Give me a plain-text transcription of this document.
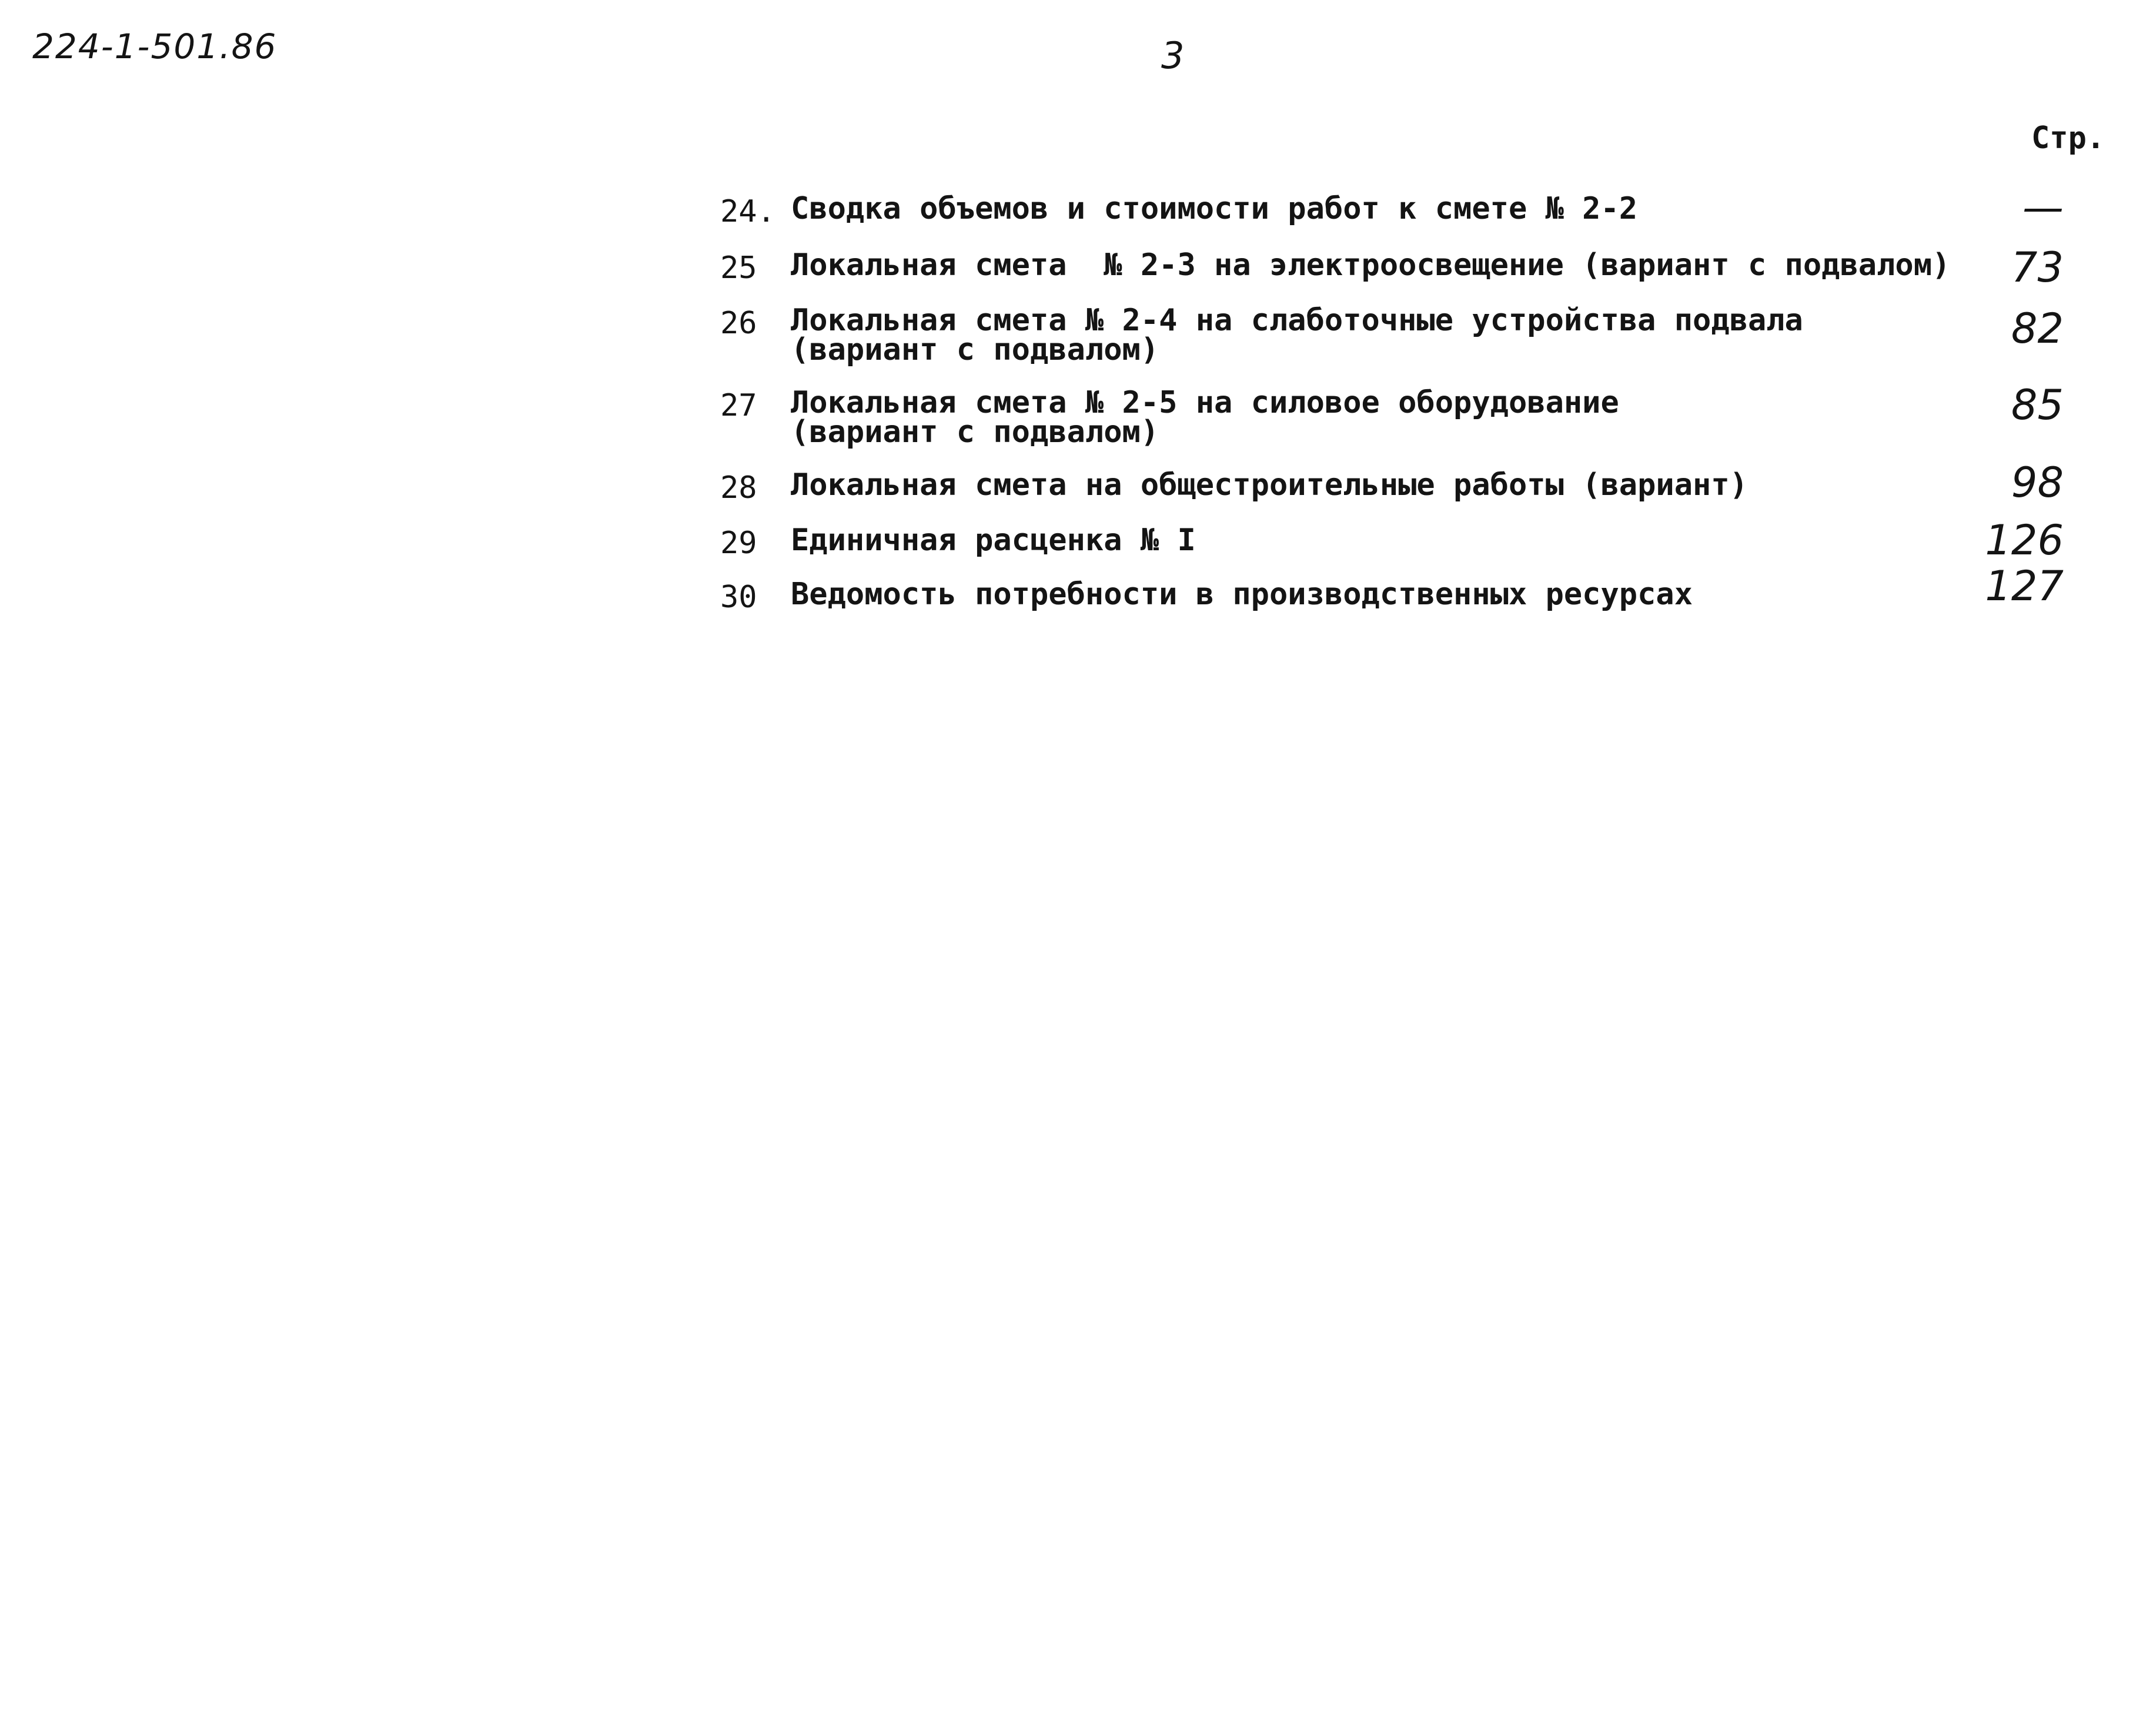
224-1-501.86	3
Стр.
24. Сводка объемов и стоимости работ к смете № 2-2	—
25 Локальная смета  № 2-3 на электроосвещение (вариант с подвалом) 73
26 Локальная смета № 2-4 на слаботочные устройства подвала
(вариант с подвалом)	82
27 Локальная смета № 2-5 на силовое оборудование
(вариант с подвалом)
85
28 Локальная смета на общестроительные работы (вариант)	98
29 Единичная расценка № I	126
30 Ведомость потребности в производственных ресурсах	127
